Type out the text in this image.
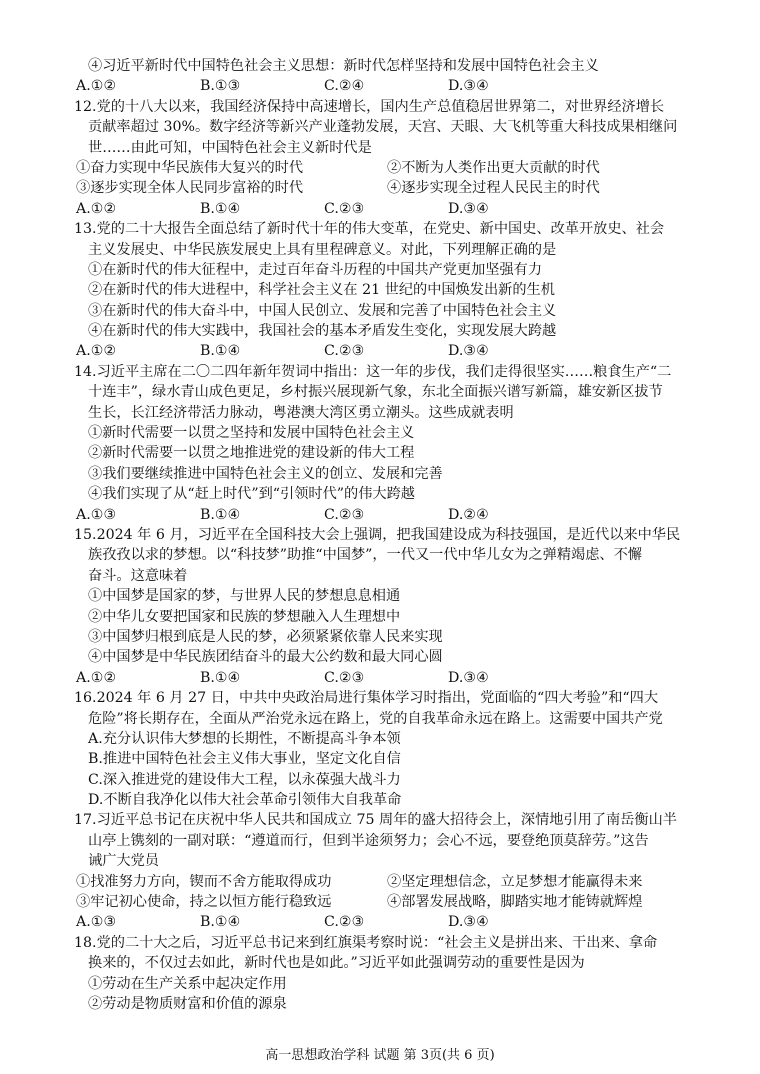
④习近平新时代中国特色社会主义思想：新时代怎样坚持和发展中国特色社会主义
A.①②	B.①③	C.②④	D.③④
12.党的十八大以来，我国经济保持中高速增长，国内生产总值稳居世界第二，对世界经济增长
贡献率超过 30%。数字经济等新兴产业蓬勃发展，天宫、天眼、大飞机等重大科技成果相继问
世……由此可知，中国特色社会主义新时代是
①奋力实现中华民族伟大复兴的时代	②不断为人类作出更大贡献的时代
③逐步实现全体人民同步富裕的时代	④逐步实现全过程人民民主的时代
A.①②	B.①④	C.②③	D.③④
13.党的二十大报告全面总结了新时代十年的伟大变革，在党史、新中国史、改革开放史、社会
主义发展史、中华民族发展史上具有里程碑意义。对此，下列理解正确的是
①在新时代的伟大征程中，走过百年奋斗历程的中国共产党更加坚强有力
②在新时代的伟大进程中，科学社会主义在 21 世纪的中国焕发出新的生机
③在新时代的伟大奋斗中，中国人民创立、发展和完善了中国特色社会主义
④在新时代的伟大实践中，我国社会的基本矛盾发生变化，实现发展大跨越
A.①②	B.①④	C.②③	D.③④
14.习近平主席在二〇二四年新年贺词中指出：这一年的步伐，我们走得很坚实……粮食生产“二
十连丰”，绿水青山成色更足，乡村振兴展现新气象，东北全面振兴谱写新篇，雄安新区拔节
生长，长江经济带活力脉动，粤港澳大湾区勇立潮头。这些成就表明
①新时代需要一以贯之坚持和发展中国特色社会主义
②新时代需要一以贯之地推进党的建设新的伟大工程
③我们要继续推进中国特色社会主义的创立、发展和完善
④我们实现了从“赶上时代”到“引领时代”的伟大跨越
A.①③	B.①④	C.②③	D.②④
15.2024 年 6 月，习近平在全国科技大会上强调，把我国建设成为科技强国，是近代以来中华民
族孜孜以求的梦想。以“科技梦”助推“中国梦”，一代又一代中华儿女为之弹精竭虑、不懈
奋斗。这意味着
①中国梦是国家的梦，与世界人民的梦想息息相通
②中华儿女要把国家和民族的梦想融入人生理想中
③中国梦归根到底是人民的梦，必须紧紧依靠人民来实现
④中国梦是中华民族团结奋斗的最大公约数和最大同心圆
A.①②	B.①④	C.②③	D.③④
16.2024 年 6 月 27 日，中共中央政治局进行集体学习时指出，党面临的“四大考验”和“四大
危险”将长期存在，全面从严治党永远在路上，党的自我革命永远在路上。这需要中国共产党
A.充分认识伟大梦想的长期性，不断提高斗争本领
B.推进中国特色社会主义伟大事业，坚定文化自信
C.深入推进党的建设伟大工程，以永葆强大战斗力
D.不断自我净化以伟大社会革命引领伟大自我革命
17.习近平总书记在庆祝中华人民共和国成立 75 周年的盛大招待会上，深情地引用了南岳衡山半
山亭上镌刻的一副对联：“遵道而行，但到半途须努力；会心不远，要登绝顶莫辞劳。”这告
诫广大党员
①找准努力方向，锲而不舍方能取得成功	②坚定理想信念，立足梦想才能赢得未来
③牢记初心使命，持之以恒方能行稳致远	④部署发展战略，脚踏实地才能铸就辉煌
A.①③	B.①④	C.②③	D.③④
18.党的二十大之后，习近平总书记来到红旗渠考察时说：“社会主义是拼出来、干出来、拿命
换来的，不仅过去如此，新时代也是如此。”习近平如此强调劳动的重要性是因为
①劳动在生产关系中起决定作用
②劳动是物质财富和价值的源泉
高一思想政治学科 试题 第 3页(共 6 页)
